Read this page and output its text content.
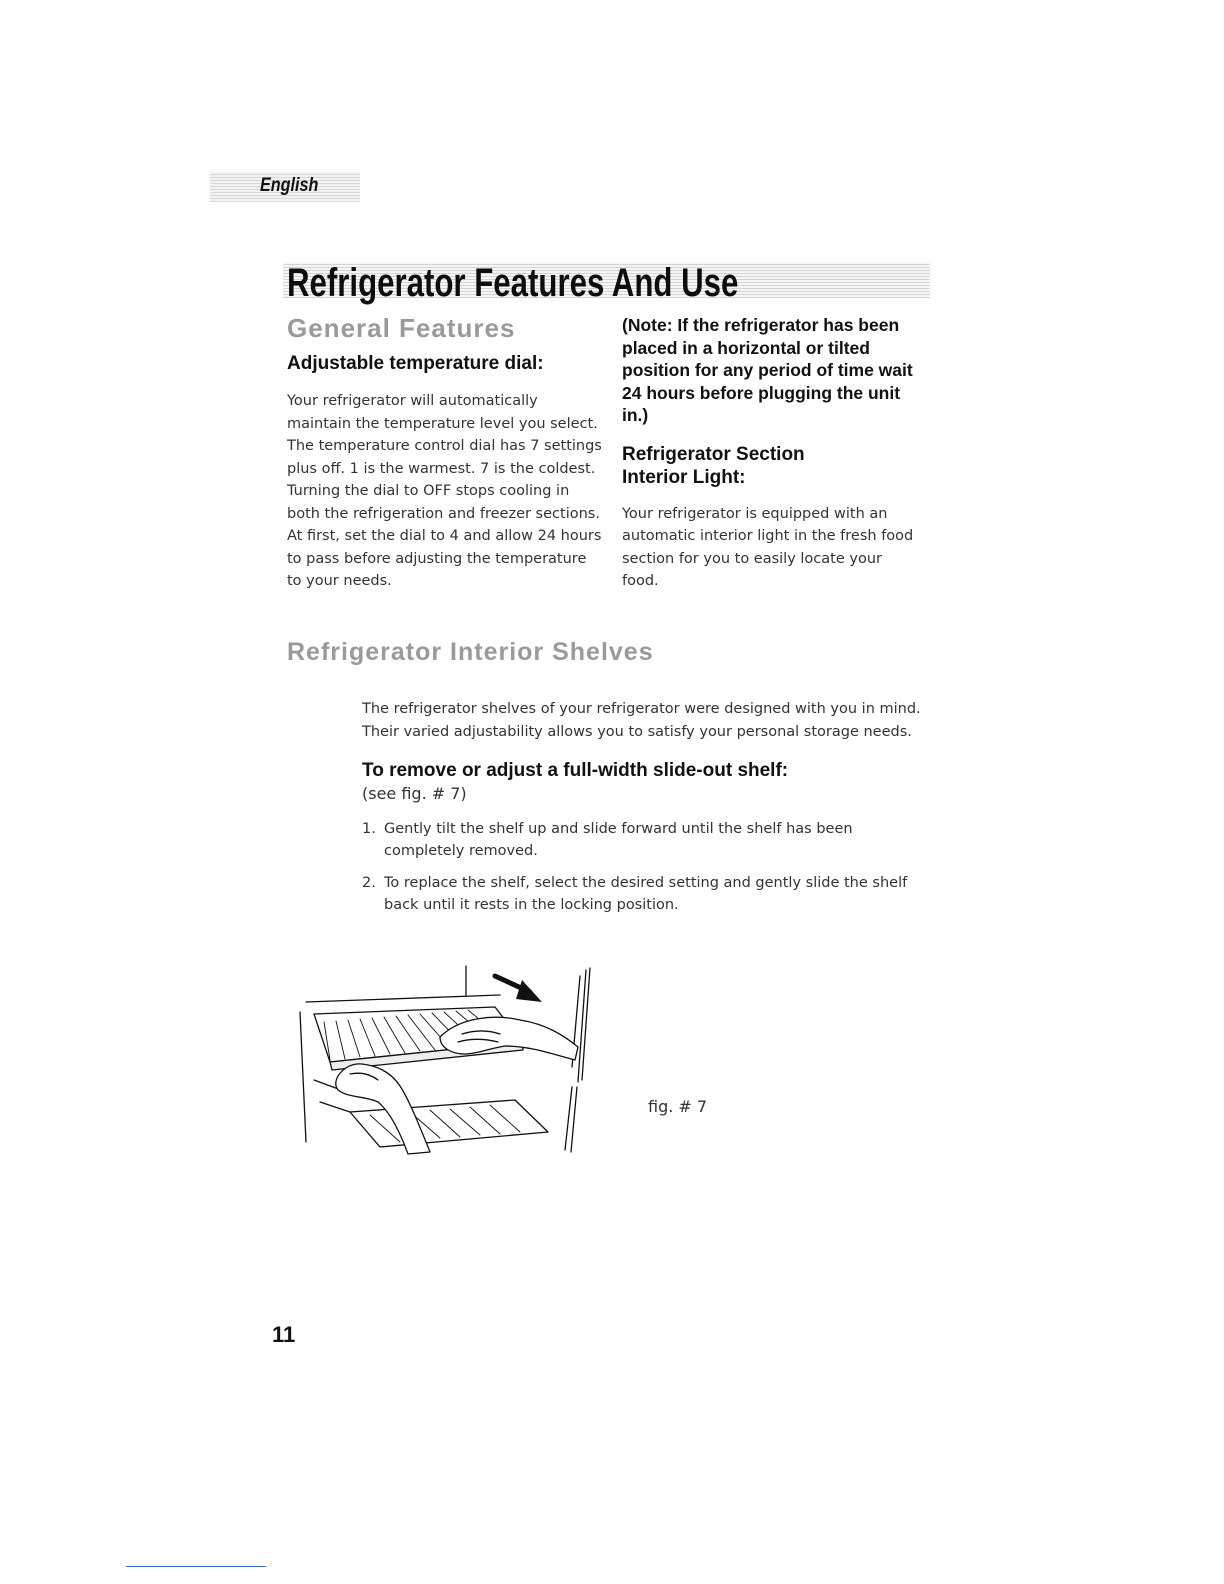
English
Refrigerator Features And Use
General Features
Adjustable temperature dial:

Your refrigerator will automatically maintain the temperature level you select. The temperature control dial has 7 settings plus off. 1 is the warmest. 7 is the coldest. Turning the dial to OFF stops cooling in both the refrigeration and freezer sections. At first, set the dial to 4 and allow 24 hours to pass before adjusting the temperature to your needs.

(Note: If the refrigerator has been placed in a horizontal or tilted position for any period of time wait 24 hours before plugging the unit in.)

Refrigerator Section Interior Light:

Your refrigerator is equipped with an automatic interior light in the fresh food section for you to easily locate your food.

Refrigerator Interior Shelves

The refrigerator shelves of your refrigerator were designed with you in mind. Their varied adjustability allows you to satisfy your personal storage needs.

To remove or adjust a full-width slide-out shelf:

(see fig. # 7)

1. Gently tilt the shelf up and slide forward until the shelf has been completely removed.
2. To replace the shelf, select the desired setting and gently slide the shelf back until it rests in the locking position.
fig. # 7
11
